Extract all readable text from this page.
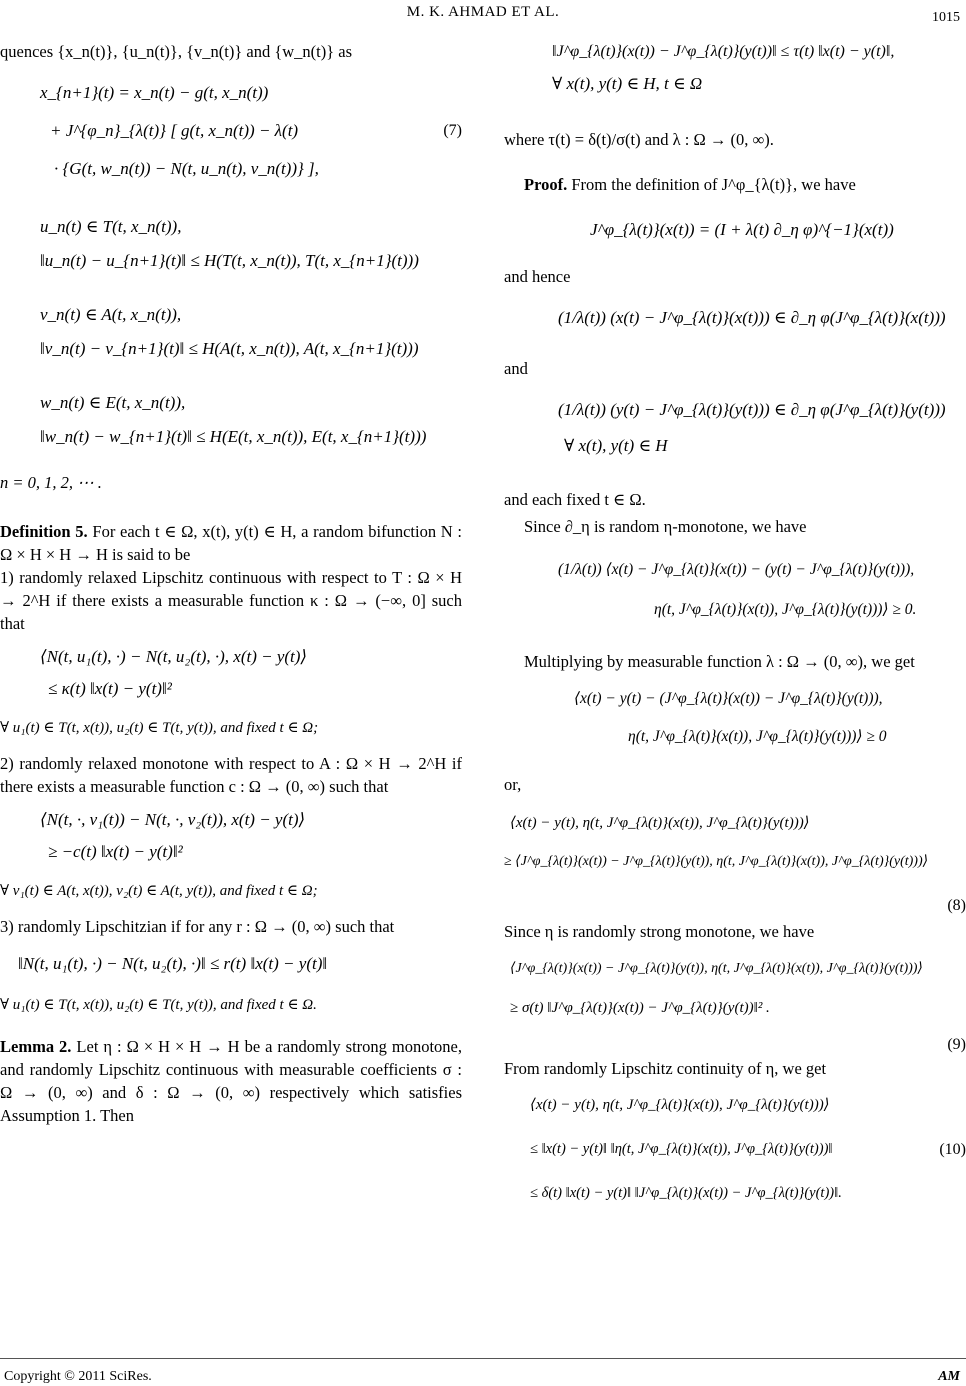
M. K. AHMAD ET AL.	1015

quences {x_n(t)}, {u_n(t)}, {v_n(t)} and {w_n(t)} as

x_{n+1}(t) = x_n(t) − g(t, x_n(t))
+ J^{φ_n}_{λ(t)} [ g(t, x_n(t)) − λ(t)
· {G(t, w_n(t)) − N(t, u_n(t), v_n(t))} ],
(7)
u_n(t) ∈ T(t, x_n(t)),
‖u_n(t) − u_{n+1}(t)‖ ≤ H(T(t, x_n(t)), T(t, x_{n+1}(t)))
v_n(t) ∈ A(t, x_n(t)),
‖v_n(t) − v_{n+1}(t)‖ ≤ H(A(t, x_n(t)), A(t, x_{n+1}(t)))
w_n(t) ∈ E(t, x_n(t)),
‖w_n(t) − w_{n+1}(t)‖ ≤ H(E(t, x_n(t)), E(t, x_{n+1}(t)))

n = 0, 1, 2, ⋯ .

Definition 5. For each t ∈ Ω, x(t), y(t) ∈ H, a random bifunction N : Ω × H × H → H is said to be

1) randomly relaxed Lipschitz continuous with respect to T : Ω × H → 2^H if there exists a measurable function κ : Ω → (−∞, 0] such that

⟨N(t, u₁(t), ·) − N(t, u₂(t), ·), x(t) − y(t)⟩
≤ κ(t) ‖x(t) − y(t)‖²

∀ u₁(t) ∈ T(t, x(t)), u₂(t) ∈ T(t, y(t)), and fixed t ∈ Ω;

2) randomly relaxed monotone with respect to A : Ω × H → 2^H if there exists a measurable function c : Ω → (0, ∞) such that

⟨N(t, ·, v₁(t)) − N(t, ·, v₂(t)), x(t) − y(t)⟩
≥ −c(t) ‖x(t) − y(t)‖²

∀ v₁(t) ∈ A(t, x(t)), v₂(t) ∈ A(t, y(t)), and fixed t ∈ Ω;

3) randomly Lipschitzian if for any r : Ω → (0, ∞) such that

‖N(t, u₁(t), ·) − N(t, u₂(t), ·)‖ ≤ r(t) ‖x(t) − y(t)‖

∀ u₁(t) ∈ T(t, x(t)), u₂(t) ∈ T(t, y(t)), and fixed t ∈ Ω.

Lemma 2. Let η : Ω × H × H → H be a randomly strong monotone, and randomly Lipschitz continuous with measurable coefficients σ : Ω → (0, ∞) and δ : Ω → (0, ∞) respectively which satisfies Assumption 1. Then

‖J^φ_{λ(t)}(x(t)) − J^φ_{λ(t)}(y(t))‖ ≤ τ(t) ‖x(t) − y(t)‖,
∀ x(t), y(t) ∈ H, t ∈ Ω

where τ(t) = δ(t)/σ(t) and λ : Ω → (0, ∞).

Proof. From the definition of J^φ_{λ(t)}, we have

J^φ_{λ(t)}(x(t)) = (I + λ(t) ∂_η φ)^{−1}(x(t))

and hence

(1/λ(t)) (x(t) − J^φ_{λ(t)}(x(t))) ∈ ∂_η φ(J^φ_{λ(t)}(x(t)))

and

(1/λ(t)) (y(t) − J^φ_{λ(t)}(y(t))) ∈ ∂_η φ(J^φ_{λ(t)}(y(t)))
∀ x(t), y(t) ∈ H

and each fixed t ∈ Ω.

Since ∂_η is random η-monotone, we have

(1/λ(t)) ⟨x(t) − J^φ_{λ(t)}(x(t)) − (y(t) − J^φ_{λ(t)}(y(t))),
η(t, J^φ_{λ(t)}(x(t)), J^φ_{λ(t)}(y(t)))⟩ ≥ 0.

Multiplying by measurable function λ : Ω → (0, ∞), we get

⟨x(t) − y(t) − (J^φ_{λ(t)}(x(t)) − J^φ_{λ(t)}(y(t))),
η(t, J^φ_{λ(t)}(x(t)), J^φ_{λ(t)}(y(t)))⟩ ≥ 0

or,

⟨x(t) − y(t), η(t, J^φ_{λ(t)}(x(t)), J^φ_{λ(t)}(y(t)))⟩
≥ ⟨J^φ_{λ(t)}(x(t)) − J^φ_{λ(t)}(y(t)), η(t, J^φ_{λ(t)}(x(t)), J^φ_{λ(t)}(y(t)))⟩
(8)

Since η is randomly strong monotone, we have

⟨J^φ_{λ(t)}(x(t)) − J^φ_{λ(t)}(y(t)), η(t, J^φ_{λ(t)}(x(t)), J^φ_{λ(t)}(y(t)))⟩
≥ σ(t) ‖J^φ_{λ(t)}(x(t)) − J^φ_{λ(t)}(y(t))‖² .
(9)

From randomly Lipschitz continuity of η, we get

⟨x(t) − y(t), η(t, J^φ_{λ(t)}(x(t)), J^φ_{λ(t)}(y(t)))⟩
≤ ‖x(t) − y(t)‖ ‖η(t, J^φ_{λ(t)}(x(t)), J^φ_{λ(t)}(y(t)))‖
≤ δ(t) ‖x(t) − y(t)‖ ‖J^φ_{λ(t)}(x(t)) − J^φ_{λ(t)}(y(t))‖.
(10)
Copyright © 2011 SciRes.	AM
